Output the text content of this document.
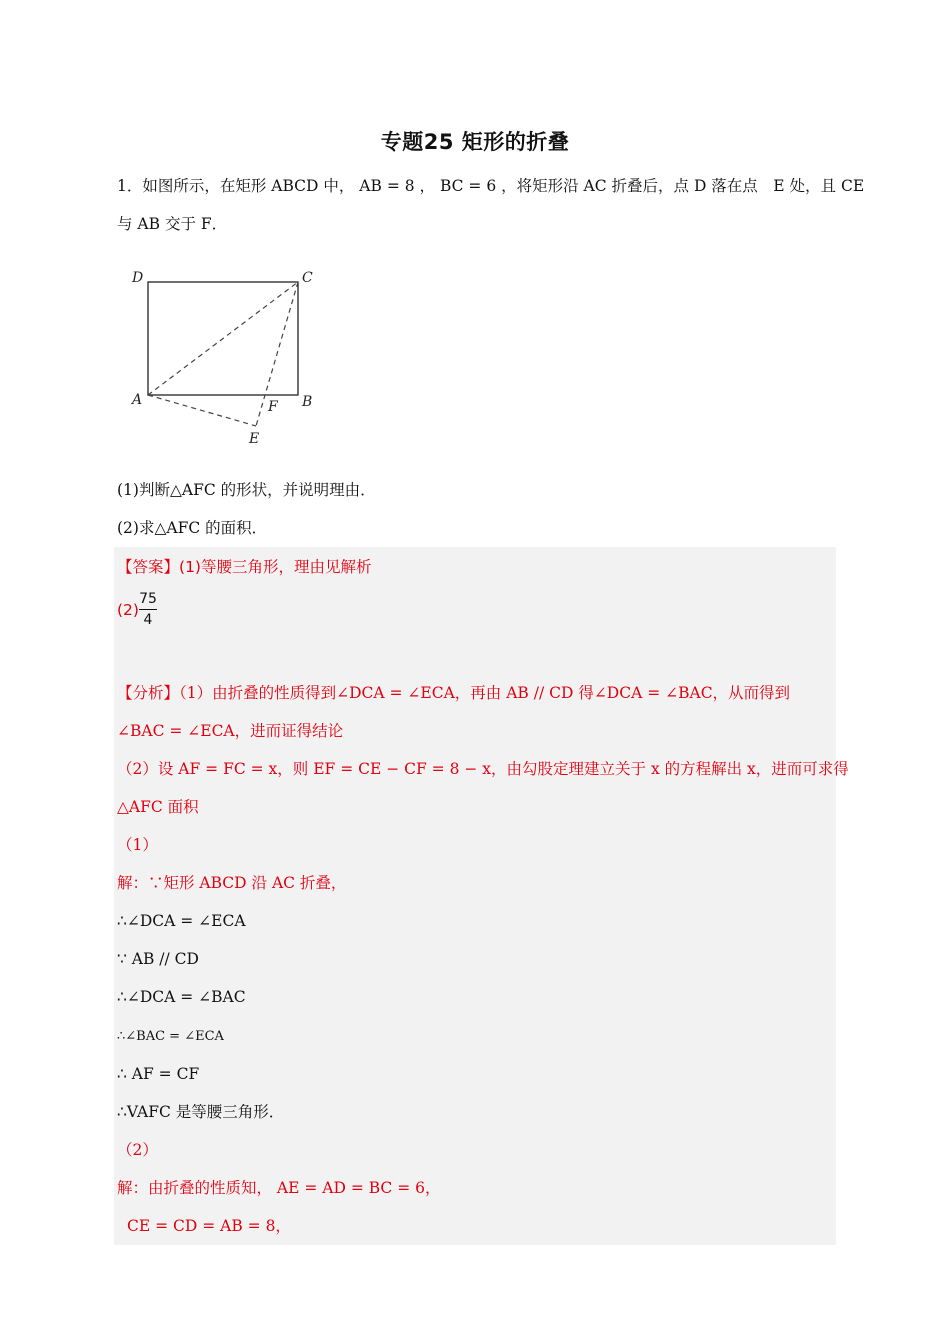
专题25 矩形的折叠
1．如图所示，在矩形 ABCD 中， AB = 8 ， BC = 6 ，将矩形沿 AC 折叠后，点 D 落在点　E 处，且 CE
与 AB 交于 F．
D	C
A	B
F
E
(1)判断△AFC 的形状，并说明理由．
(2)求△AFC 的面积．
【答案】(1)等腰三角形，理由见解析
(2)
75
4
【分析】（1）由折叠的性质得到∠DCA = ∠ECA，再由 AB // CD 得∠DCA = ∠BAC，从而得到
∠BAC = ∠ECA，进而证得结论
（2）设 AF = FC = x，则 EF = CE − CF = 8 − x，由勾股定理建立关于 x 的方程解出 x，进而可求得
△AFC 面积
（1）
解：∵矩形 ABCD 沿 AC 折叠，
∴∠DCA = ∠ECA
∵ AB // CD
∴∠DCA = ∠BAC
∴∠BAC = ∠ECA
∴ AF = CF
∴VAFC 是等腰三角形．
（2）
解：由折叠的性质知， AE = AD = BC = 6，
CE = CD = AB = 8，
